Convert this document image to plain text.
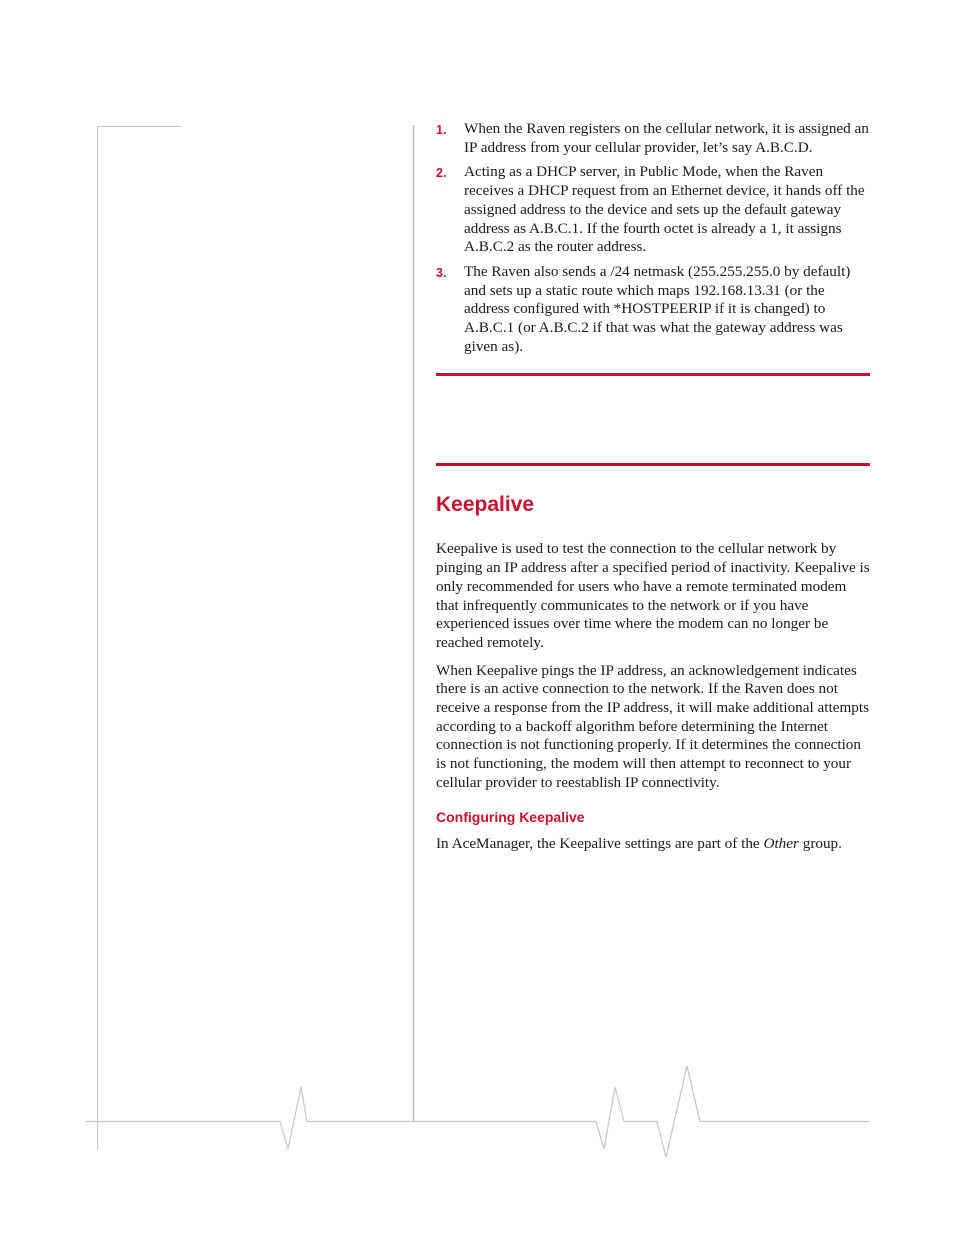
1. When the Raven registers on the cellular network, it is assigned an IP address from your cellular provider, let’s say A.B.C.D.
2. Acting as a DHCP server, in Public Mode, when the Raven receives a DHCP request from an Ethernet device, it hands off the assigned address to the device and sets up the default gateway address as A.B.C.1. If the fourth octet is already a 1, it assigns A.B.C.2 as the router address.
3. The Raven also sends a /24 netmask (255.255.255.0 by default) and sets up a static route which maps 192.168.13.31 (or the address configured with *HOSTPEERIP if it is changed) to A.B.C.1 (or A.B.C.2 if that was what the gateway address was given as).
Keepalive

Keepalive is used to test the connection to the cellular network by pinging an IP address after a specified period of inactivity. Keepalive is only recommended for users who have a remote terminated modem that infrequently communicates to the network or if you have experienced issues over time where the modem can no longer be reached remotely.

When Keepalive pings the IP address, an acknowledgement indicates there is an active connection to the network. If the Raven does not receive a response from the IP address, it will make additional attempts according to a backoff algorithm before determining the Internet connection is not functioning properly. If it determines the connection is not functioning, the modem will then attempt to reconnect to your cellular provider to reestablish IP connectivity.

Configuring Keepalive

In AceManager, the Keepalive settings are part of the Other group.
